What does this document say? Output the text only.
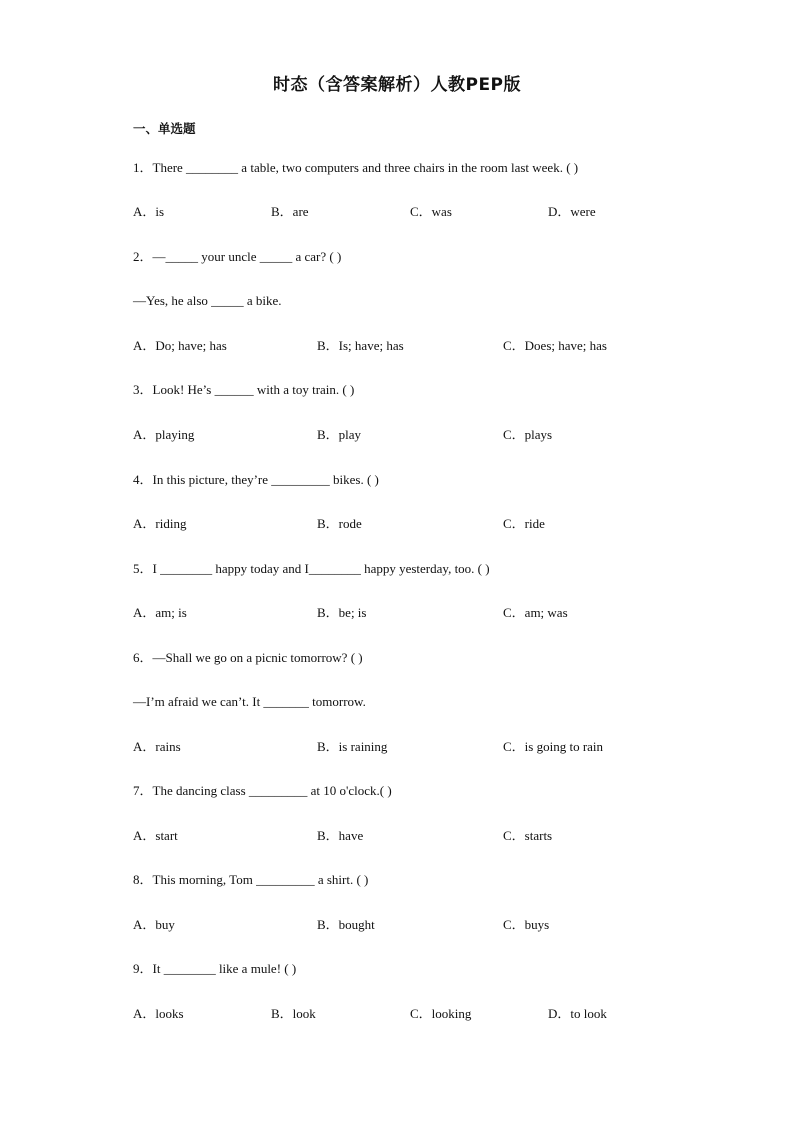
时态（含答案解析）人教PEP版
一、单选题
1．There ________ a table, two computers and three chairs in the room last week. ( )
A．is	B．are	C．was	D．were
2．—_____ your uncle _____ a car? ( )
—Yes, he also _____ a bike.
A．Do; have; has	B．Is; have; has	C．Does; have; has
3．Look! He’s ______ with a toy train. ( )
A．playing	B．play	C．plays
4．In this picture, they’re _________ bikes. ( )
A．riding	B．rode	C．ride
5．I ________ happy today and I________ happy yesterday, too. ( )
A．am; is	B．be; is	C．am; was
6．—Shall we go on a picnic tomorrow? ( )
—I’m afraid we can’t. It _______ tomorrow.
A．rains	B．is raining	C．is going to rain
7．The dancing class _________ at 10 o'clock.( )
A．start	B．have	C．starts
8．This morning, Tom _________ a shirt. ( )
A．buy	B．bought	C．buys
9．It ________ like a mule! ( )
A．looks	B．look	C．looking	D．to look
